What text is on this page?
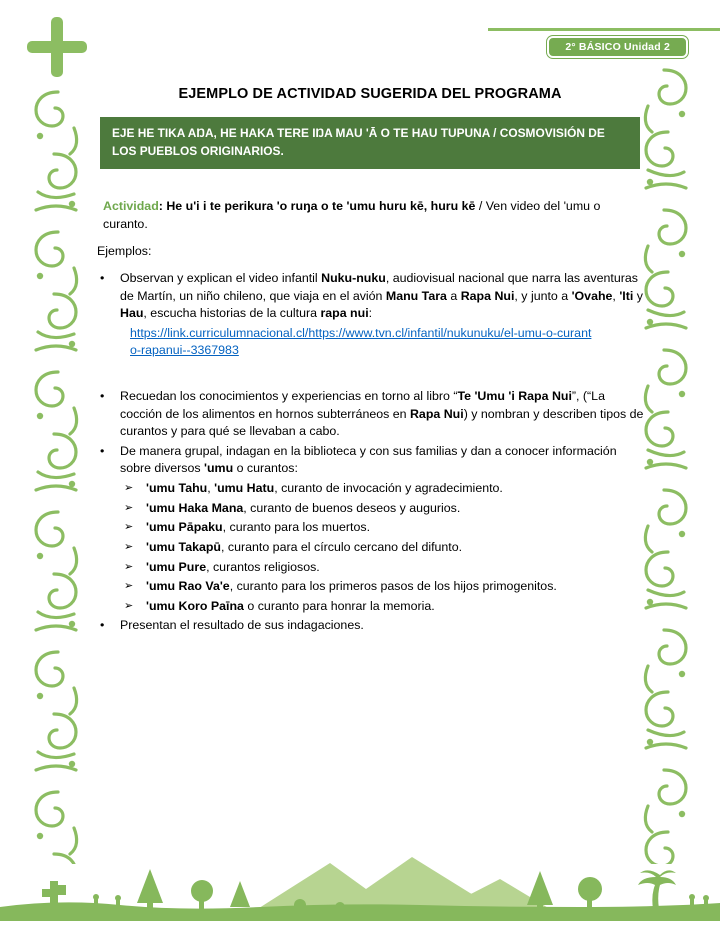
2° BÁSICO Unidad 2
EJEMPLO DE ACTIVIDAD SUGERIDA DEL PROGRAMA
EJE HE TIKA AŊA, HE HAKA TERE IŊA MAU 'Ā O TE HAU TUPUNA / COSMOVISIÓN DE LOS PUEBLOS ORIGINARIOS.

Actividad: He u'i i te perikura 'o ruŋa o te 'umu huru kē, huru kē / Ven video del 'umu o curanto.

Ejemplos:

•	Observan y explican el video infantil Nuku-nuku, audiovisual nacional que narra las aventuras de Martín, un niño chileno, que viaja en el avión Manu Tara a Rapa Nui, y junto a 'Ovahe, 'Iti y Hau, escucha historias de la cultura rapa nui:
https://link.curriculumnacional.cl/https://www.tvn.cl/infantil/nukunuku/el-umu-o-curanto-rapanui--3367983
•	Recuedan los conocimientos y experiencias en torno al libro “Te 'Umu 'i Rapa Nui”, (“La cocción de los alimentos en hornos subterráneos en Rapa Nui) y nombran y describen tipos de curantos y para qué se llevaban a cabo.
•	De manera grupal, indagan en la biblioteca y con sus familias y dan a conocer información sobre diversos 'umu o curantos:
➢	'umu Tahu, 'umu Hatu, curanto de invocación y agradecimiento.
➢	'umu Haka Mana, curanto de buenos deseos y augurios.
➢	'umu Pāpaku, curanto para los muertos.
➢	'umu Takapū, curanto para el círculo cercano del difunto.
➢	'umu Pure, curantos religiosos.
➢	'umu Rao Va'e, curanto para los primeros pasos de los hijos primogenitos.
➢	'umu Koro Paīna o curanto para honrar la memoria.
•	Presentan el resultado de sus indagaciones.
